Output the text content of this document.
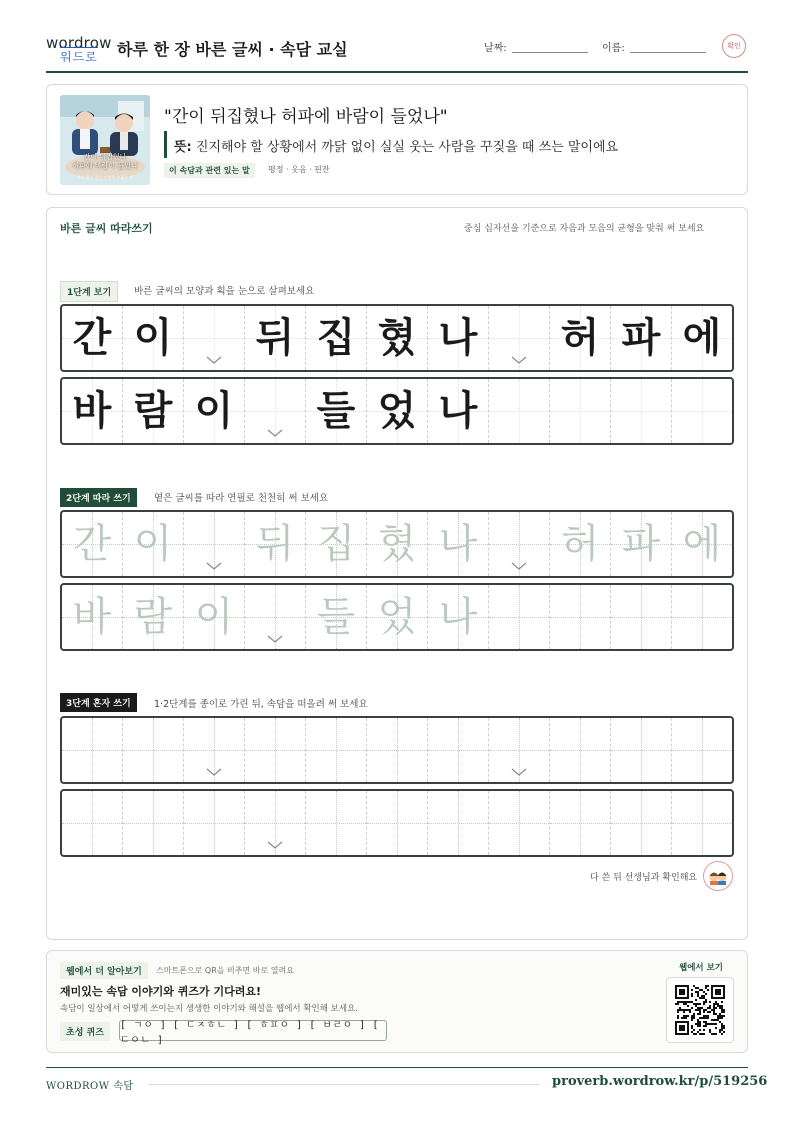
wordrow
워드로 하루 한 장 바른 글씨 · 속담 교실	날짜:	이름:	확인
간이 뒤집혔나
허파에 바람이 들었나
이유 없이 웃는 사람을 꾸짖는 말
"간이 뒤집혔나 허파에 바람이 들었나"
뜻: 진지해야 할 상황에서 까닭 없이 실실 웃는 사람을 꾸짖을 때 쓰는 말이에요
이 속담과 관련 있는 말	평정 · 웃음 · 핀잔
바른 글씨 따라쓰기	중심 십자선을 기준으로 자음과 모음의 균형을 맞춰 써 보세요
1단계 보기	바른 글씨의 모양과 획을 눈으로 살펴보세요
간 이 뒤 집 혔 나 허 파 에
바 람 이 들 었 나
2단계 따라 쓰기	옅은 글씨를 따라 연필로 천천히 써 보세요
간 이 뒤 집 혔 나 허 파 에
바 람 이 들 었 나
3단계 혼자 쓰기	1·2단계를 종이로 가린 뒤, 속담을 떠올려 써 보세요
다 쓴 뒤 선생님과 확인해요
웹에서 더 알아보기	스마트폰으로 QR을 비추면 바로 열려요
재미있는 속담 이야기와 퀴즈가 기다려요!
속담이 일상에서 어떻게 쓰이는지 생생한 이야기와 해설을 웹에서 확인해 보세요.
초성 퀴즈
[ ㄱㅇ ] [ ㄷㅈㅎㄴ ] [ ㅎㅍㅇ ] [ ㅂㄹㅇ ] [ ㄷㅇㄴ ]
웹에서 보기
WORDROW 속담	proverb.wordrow.kr/p/519256
